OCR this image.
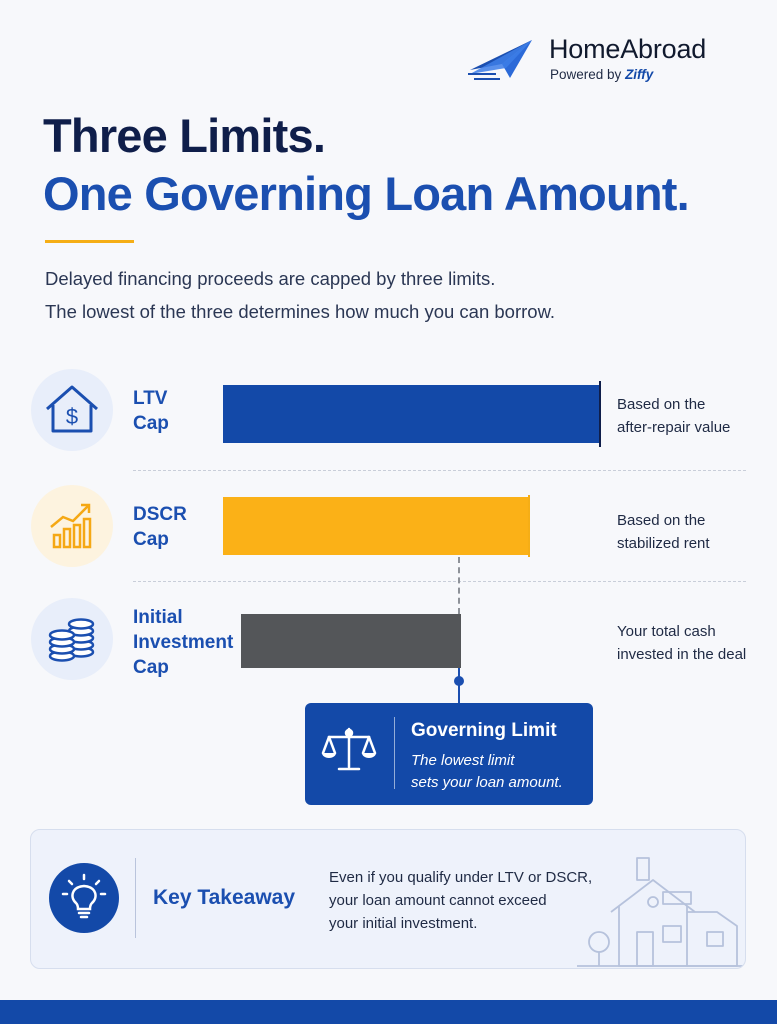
HomeAbroad
Powered by Ziffy
Three Limits.
One Governing Loan Amount.
Delayed financing proceeds are capped by three limits.
The lowest of the three determines how much you can borrow.
$
LTV
Cap
Based on the
after-repair value
DSCR
Cap
Based on the
stabilized rent
Initial
Investment
Cap
Your total cash
invested in the deal
Governing Limit
The lowest limit
sets your loan amount.
Key Takeaway
Even if you qualify under LTV or DSCR,
your loan amount cannot exceed
your initial investment.
